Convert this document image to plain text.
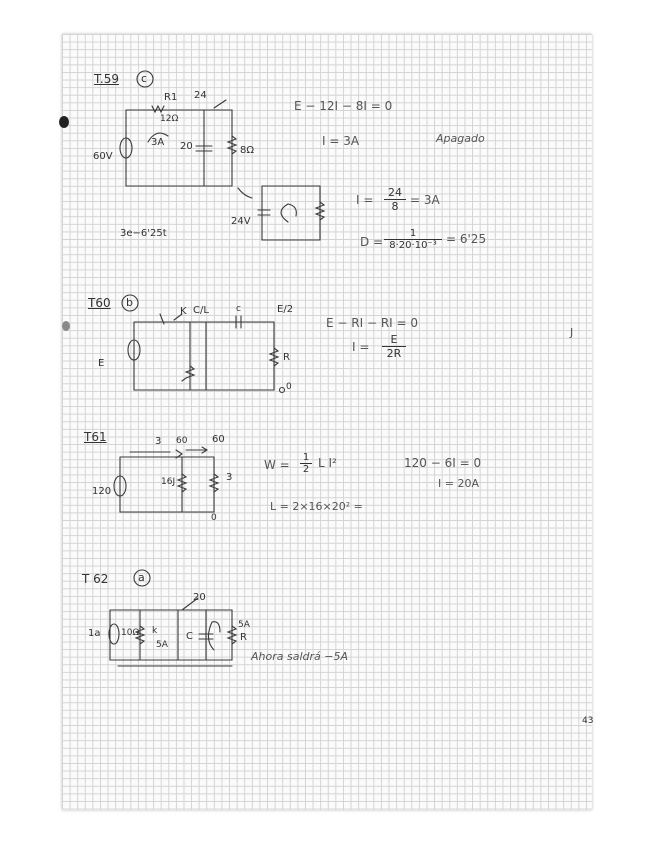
T.59 c
R1 24
12Ω
60V
3A 20	8Ω
24V
3e−6'25t
E − 12I − 8I = 0
I = 3A	Apagado
$I = \frac{24}{8} = 3A$
$D = \frac{1}{\text{8·20·10⁻³}} = 6'25$
T60 b
K C/L	c	E/2
E
R
0
E − RI − RI = 0
$I = \frac{E}{2R}$
J
T61	3 60 60
120
16J	3
0
$W = \frac{1}{2}$ L I²
L = 2×16×20² =
120 − 6I = 0
I = 20A
T 62	a
20
1a 10Ω k
5A
C	R
5A
Ahora saldrá −5A
43
